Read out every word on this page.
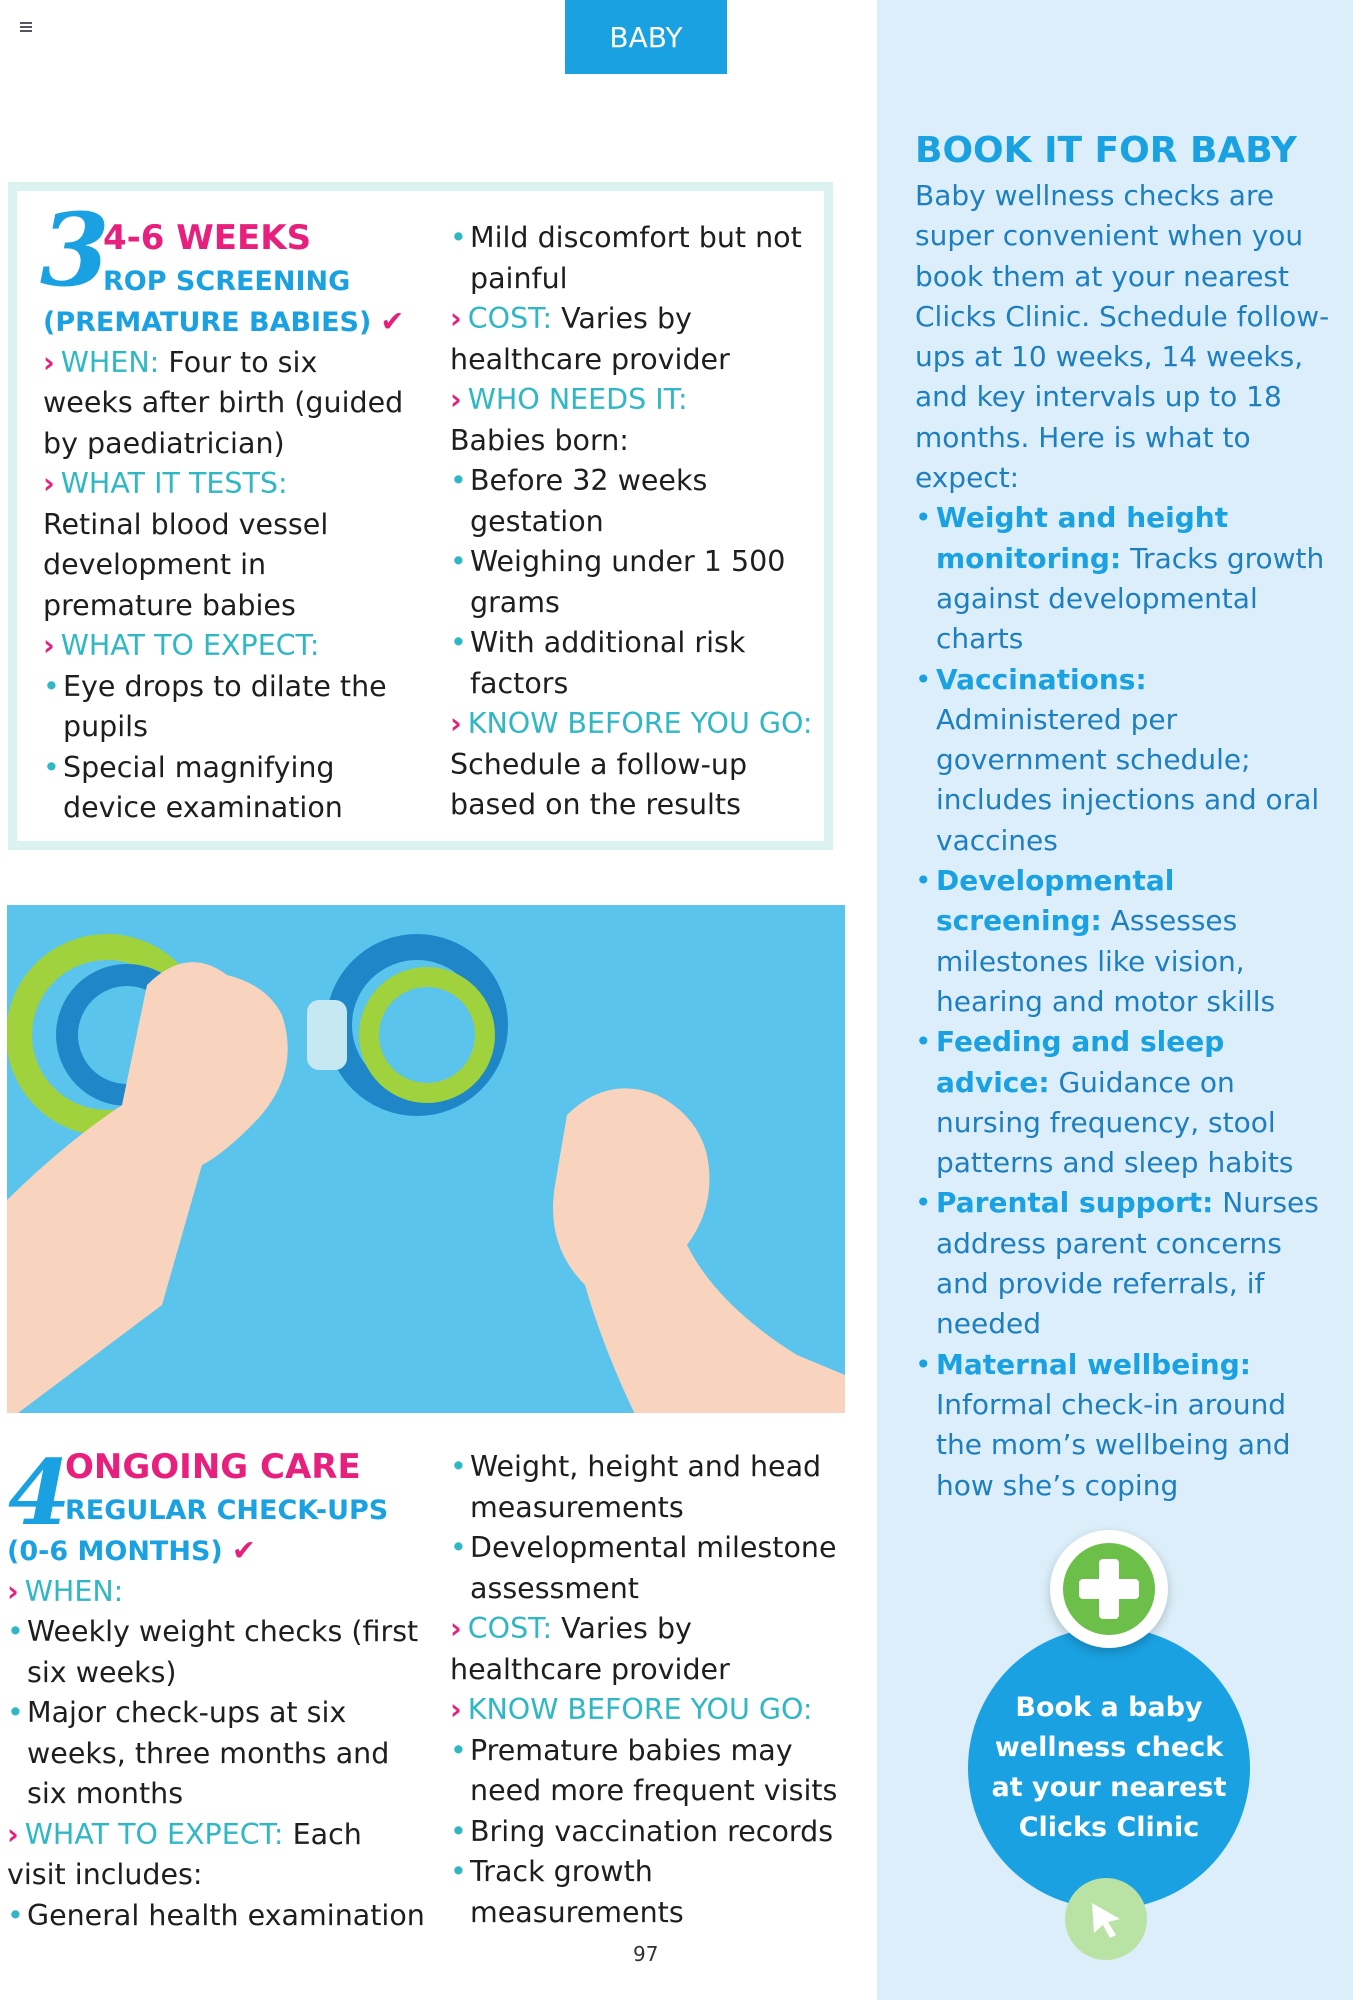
BABY
3

4-6 WEEKS

ROP SCREENING

(PREMATURE BABIES) ✔

› WHEN: Four to six weeks after birth (guided by paediatrician)

› WHAT IT TESTS:

Retinal blood vessel development in premature babies

› WHAT TO EXPECT:

• Eye drops to dilate the pupils

• Special magnifying device examination

• Mild discomfort but not painful

› COST: Varies by healthcare provider

› WHO NEEDS IT:

Babies born:

• Before 32 weeks gestation

• Weighing under 1 500 grams

• With additional risk factors

› KNOW BEFORE YOU GO: Schedule a follow-up based on the results

4

ONGOING CARE

REGULAR CHECK-UPS

(0-6 MONTHS) ✔

› WHEN:

• Weekly weight checks (first six weeks)

• Major check-ups at six weeks, three months and six months

› WHAT TO EXPECT: Each visit includes:

• General health examination

• Weight, height and head measurements

• Developmental milestone assessment

› COST: Varies by healthcare provider

› KNOW BEFORE YOU GO:

• Premature babies may need more frequent visits

• Bring vaccination records

• Track growth measurements

BOOK IT FOR BABY

Baby wellness checks are super convenient when you book them at your nearest Clicks Clinic. Schedule follow-ups at 10 weeks, 14 weeks, and key intervals up to 18 months. Here is what to expect:

• Weight and height monitoring: Tracks growth against developmental charts

• Vaccinations: Administered per government schedule; includes injections and oral vaccines

• Developmental screening: Assesses milestones like vision, hearing and motor skills

• Feeding and sleep advice: Guidance on nursing frequency, stool patterns and sleep habits

• Parental support: Nurses address parent concerns and provide referrals, if needed

• Maternal wellbeing: Informal check-in around the mom’s wellbeing and how she’s coping

Book a baby wellness check at your nearest Clicks Clinic
97
